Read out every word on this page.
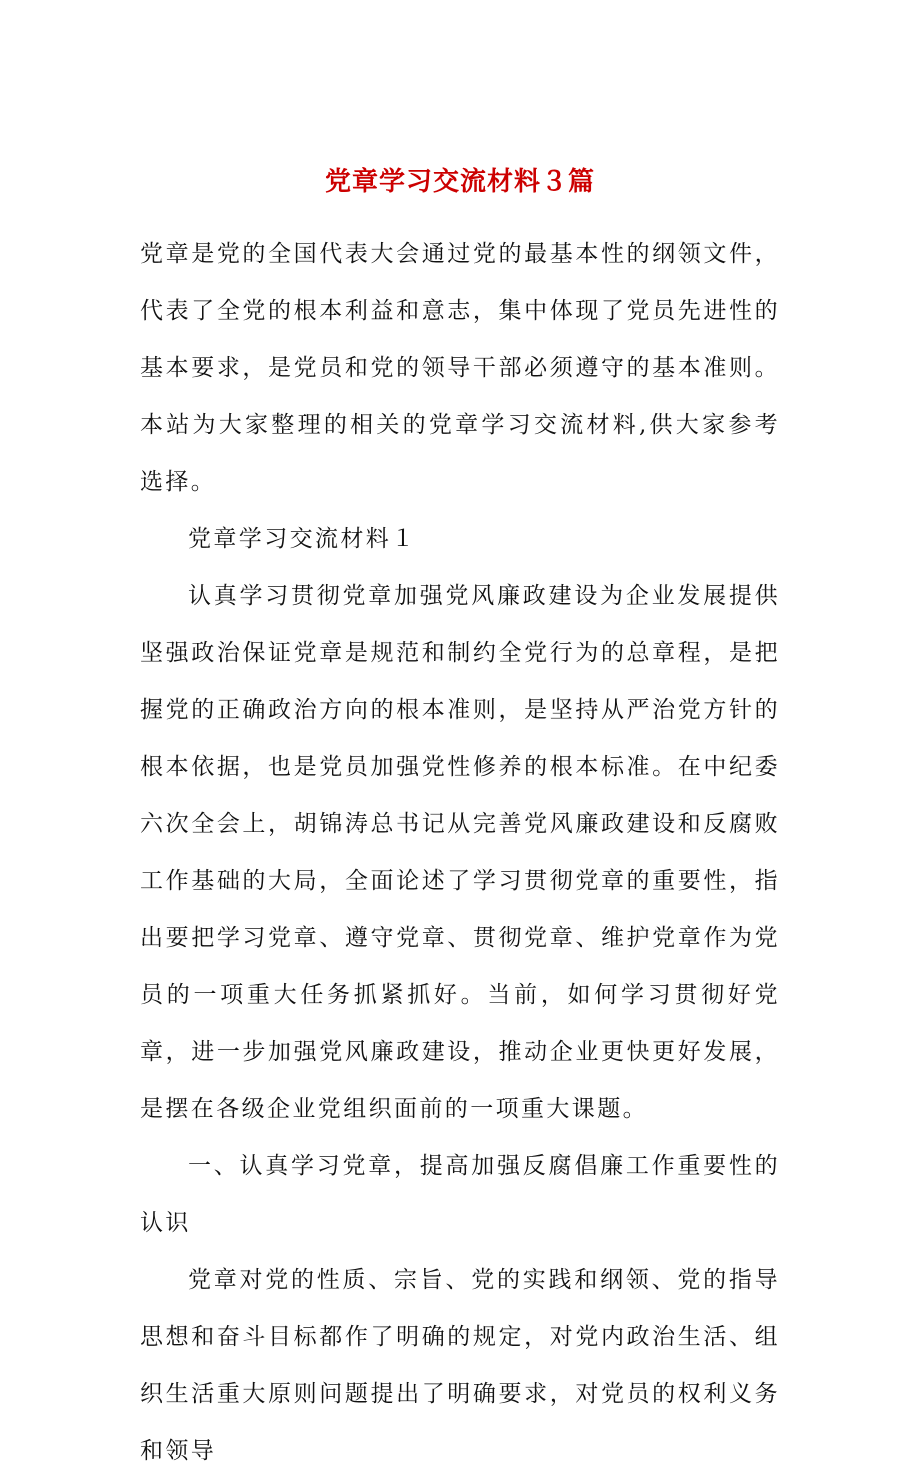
党章学习交流材料３篇

党章是党的全国代表大会通过党的最基本性的纲领文件，代表了全党的根本利益和意志，集中体现了党员先进性的基本要求，是党员和党的领导干部必须遵守的基本准则。本站为大家整理的相关的党章学习交流材料,供大家参考选择。

党章学习交流材料１

认真学习贯彻党章加强党风廉政建设为企业发展提供坚强政治保证党章是规范和制约全党行为的总章程，是把握党的正确政治方向的根本准则，是坚持从严治党方针的根本依据，也是党员加强党性修养的根本标准。在中纪委六次全会上，胡锦涛总书记从完善党风廉政建设和反腐败工作基础的大局，全面论述了学习贯彻党章的重要性，指出要把学习党章、遵守党章、贯彻党章、维护党章作为党员的一项重大任务抓紧抓好。当前，如何学习贯彻好党章，进一步加强党风廉政建设，推动企业更快更好发展，是摆在各级企业党组织面前的一项重大课题。

一、认真学习党章，提高加强反腐倡廉工作重要性的认识

党章对党的性质、宗旨、党的实践和纲领、党的指导思想和奋斗目标都作了明确的规定，对党内政治生活、组织生活重大原则问题提出了明确要求，对党员的权利义务和领导
